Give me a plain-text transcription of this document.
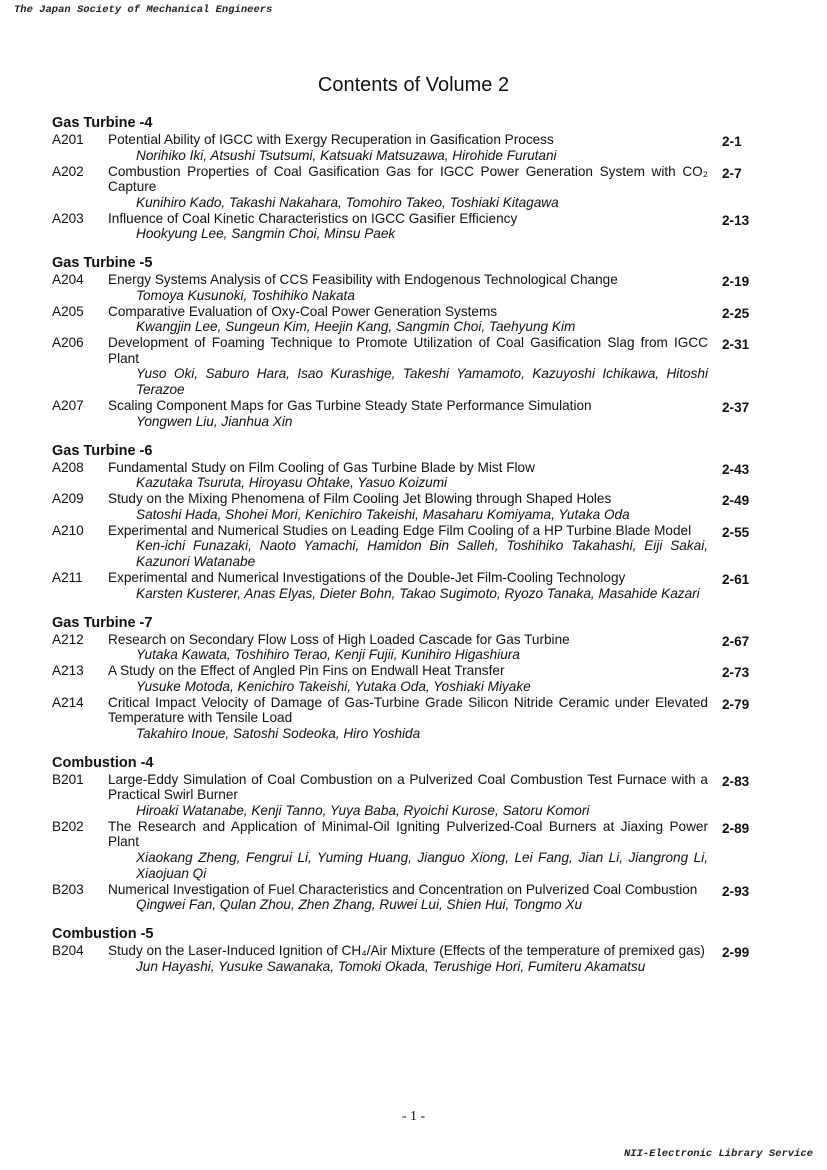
The Japan Society of Mechanical Engineers
Contents of Volume 2
Gas Turbine -4
A201	Potential Ability of IGCC with Exergy Recuperation in Gasification Process
Norihiko Iki, Atsushi Tsutsumi, Katsuaki Matsuzawa, Hirohide Furutani
2-1
A202	Combustion Properties of Coal Gasification Gas for IGCC Power Generation System with CO₂ Capture
Kunihiro Kado, Takashi Nakahara, Tomohiro Takeo, Toshiaki Kitagawa
2-7
A203	Influence of Coal Kinetic Characteristics on IGCC Gasifier Efficiency
Hookyung Lee, Sangmin Choi, Minsu Paek
2-13
Gas Turbine -5
A204	Energy Systems Analysis of CCS Feasibility with Endogenous Technological Change
Tomoya Kusunoki, Toshihiko Nakata
2-19
A205	Comparative Evaluation of Oxy-Coal Power Generation Systems
Kwangjin Lee, Sungeun Kim, Heejin Kang, Sangmin Choi, Taehyung Kim
2-25
A206	Development of Foaming Technique to Promote Utilization of Coal Gasification Slag from IGCC Plant
Yuso Oki, Saburo Hara, Isao Kurashige, Takeshi Yamamoto, Kazuyoshi Ichikawa, Hitoshi Terazoe
2-31
A207	Scaling Component Maps for Gas Turbine Steady State Performance Simulation
Yongwen Liu, Jianhua Xin
2-37
Gas Turbine -6
A208	Fundamental Study on Film Cooling of Gas Turbine Blade by Mist Flow
Kazutaka Tsuruta, Hiroyasu Ohtake, Yasuo Koizumi
2-43
A209	Study on the Mixing Phenomena of Film Cooling Jet Blowing through Shaped Holes
Satoshi Hada, Shohei Mori, Kenichiro Takeishi, Masaharu Komiyama, Yutaka Oda
2-49
A210	Experimental and Numerical Studies on Leading Edge Film Cooling of a HP Turbine Blade Model
Ken-ichi Funazaki, Naoto Yamachi, Hamidon Bin Salleh, Toshihiko Takahashi, Eiji Sakai, Kazunori Watanabe
2-55
A211	Experimental and Numerical Investigations of the Double-Jet Film-Cooling Technology
Karsten Kusterer, Anas Elyas, Dieter Bohn, Takao Sugimoto, Ryozo Tanaka, Masahide Kazari
2-61
Gas Turbine -7
A212	Research on Secondary Flow Loss of High Loaded Cascade for Gas Turbine
Yutaka Kawata, Toshihiro Terao, Kenji Fujii, Kunihiro Higashiura
2-67
A213	A Study on the Effect of Angled Pin Fins on Endwall Heat Transfer
Yusuke Motoda, Kenichiro Takeishi, Yutaka Oda, Yoshiaki Miyake
2-73
A214	Critical Impact Velocity of Damage of Gas-Turbine Grade Silicon Nitride Ceramic under Elevated Temperature with Tensile Load
Takahiro Inoue, Satoshi Sodeoka, Hiro Yoshida
2-79
Combustion -4
B201	Large-Eddy Simulation of Coal Combustion on a Pulverized Coal Combustion Test Furnace with a Practical Swirl Burner
Hiroaki Watanabe, Kenji Tanno, Yuya Baba, Ryoichi Kurose, Satoru Komori
2-83
B202	The Research and Application of Minimal-Oil Igniting Pulverized-Coal Burners at Jiaxing Power Plant
Xiaokang Zheng, Fengrui Li, Yuming Huang, Jianguo Xiong, Lei Fang, Jian Li, Jiangrong Li, Xiaojuan Qi
2-89
B203	Numerical Investigation of Fuel Characteristics and Concentration on Pulverized Coal Combustion
Qingwei Fan, Qulan Zhou, Zhen Zhang, Ruwei Lui, Shien Hui, Tongmo Xu
2-93
Combustion -5
B204	Study on the Laser-Induced Ignition of CH₄/Air Mixture (Effects of the temperature of premixed gas)
Jun Hayashi, Yusuke Sawanaka, Tomoki Okada, Terushige Hori, Fumiteru Akamatsu
2-99
- 1 -
NII-Electronic Library Service
